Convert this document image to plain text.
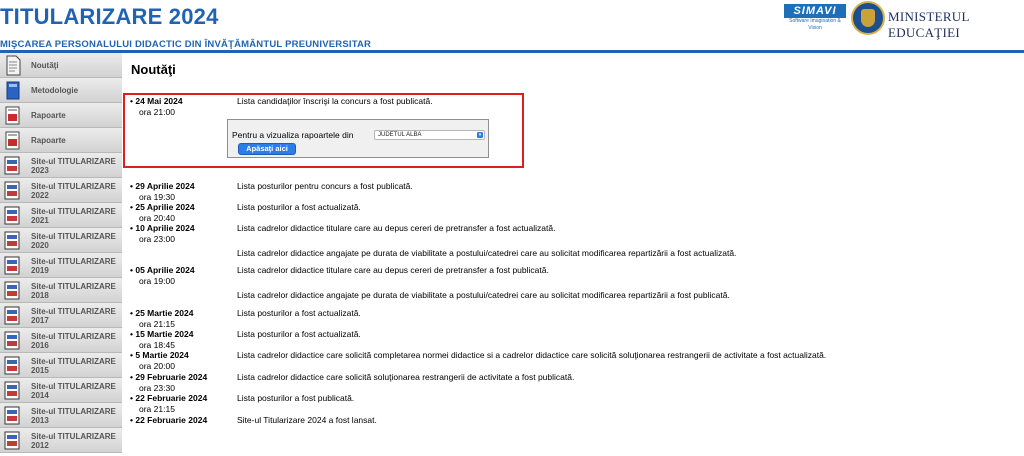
TITULARIZARE 2024	SIMAVI
Software Imagination & Vision
MINISTERUL EDUCAŢIEI
MIŞCAREA PERSONALULUI DIDACTIC DIN ÎNVĂŢĂMÂNTUL PREUNIVERSITAR
Noutăţi
Metodologie
Rapoarte
Rapoarte
Site-ul TITULARIZARE 2023
Site-ul TITULARIZARE 2022
Site-ul TITULARIZARE 2021
Site-ul TITULARIZARE 2020
Site-ul TITULARIZARE 2019
Site-ul TITULARIZARE 2018
Site-ul TITULARIZARE 2017
Site-ul TITULARIZARE 2016
Site-ul TITULARIZARE 2015
Site-ul TITULARIZARE 2014
Site-ul TITULARIZARE 2013
Site-ul TITULARIZARE 2012
Noutăţi
• 24 Mai 2024
ora 21:00
Lista candidaţilor înscrişi la concurs a fost publicată.
Pentru a vizualiza rapoartele din	JUDETUL ALBA	▾
Apăsaţi aici
• 29 Aprilie 2024
ora 19:30
Lista posturilor pentru concurs a fost publicată.
• 25 Aprilie 2024
ora 20:40
Lista posturilor a fost actualizată.
• 10 Aprilie 2024
ora 23:00
Lista cadrelor didactice titulare care au depus cereri de pretransfer a fost actualizată.
Lista cadrelor didactice angajate pe durata de viabilitate a postului/catedrei care au solicitat modificarea repartizării a fost actualizată.
• 05 Aprilie 2024
ora 19:00
Lista cadrelor didactice titulare care au depus cereri de pretransfer a fost publicată.
Lista cadrelor didactice angajate pe durata de viabilitate a postului/catedrei care au solicitat modificarea repartizării a fost publicată.
• 25 Martie 2024
ora 21:15
Lista posturilor a fost actualizată.
• 15 Martie 2024
ora 18:45
Lista posturilor a fost actualizată.
• 5 Martie 2024
ora 20:00
Lista cadrelor didactice care solicită completarea normei didactice si a cadrelor didactice care solicită soluţionarea restrangerii de activitate a fost actualizată.
• 29 Februarie 2024
ora 23:30
Lista cadrelor didactice care solicită soluţionarea restrangerii de activitate a fost publicată.
• 22 Februarie 2024
ora 21:15
Lista posturilor a fost publicată.
• 22 Februarie 2024	Site-ul Titularizare 2024 a fost lansat.
